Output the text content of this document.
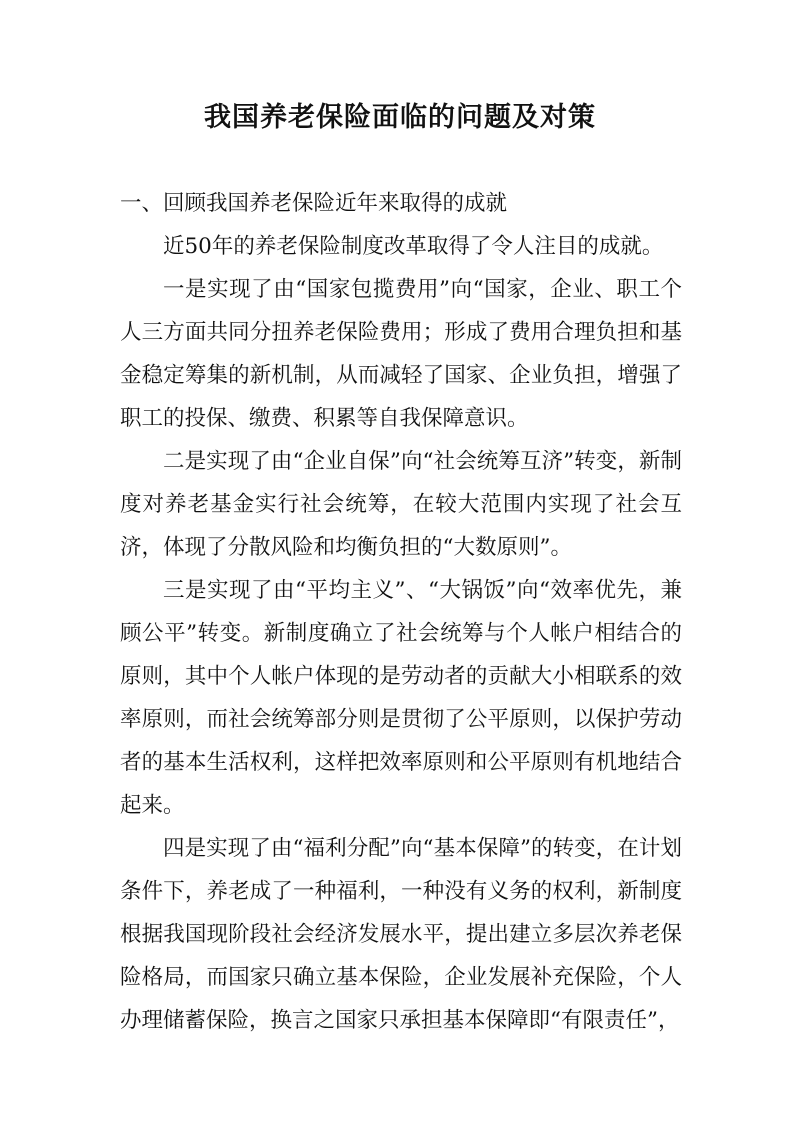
我国养老保险面临的问题及对策

一、回顾我国养老保险近年来取得的成就

近50年的养老保险制度改革取得了令人注目的成就。

一是实现了由“国家包揽费用”向“国家，企业、职工个人三方面共同分扭养老保险费用；形成了费用合理负担和基金稳定筹集的新机制，从而减轻了国家、企业负担，增强了职工的投保、缴费、积累等自我保障意识。

二是实现了由“企业自保”向“社会统筹互济”转变，新制度对养老基金实行社会统筹，在较大范围内实现了社会互济，体现了分散风险和均衡负担的“大数原则”。

三是实现了由“平均主义”、“大锅饭”向“效率优先，兼顾公平”转变。新制度确立了社会统筹与个人帐户相结合的原则，其中个人帐户体现的是劳动者的贡献大小相联系的效率原则，而社会统筹部分则是贯彻了公平原则，以保护劳动者的基本生活权利，这样把效率原则和公平原则有机地结合起来。

四是实现了由“福利分配”向“基本保障”的转变，在计划条件下，养老成了一种福利，一种没有义务的权利，新制度根据我国现阶段社会经济发展水平，提出建立多层次养老保险格局，而国家只确立基本保险，企业发展补充保险，个人办理储蓄保险，换言之国家只承担基本保障即“有限责任”，
